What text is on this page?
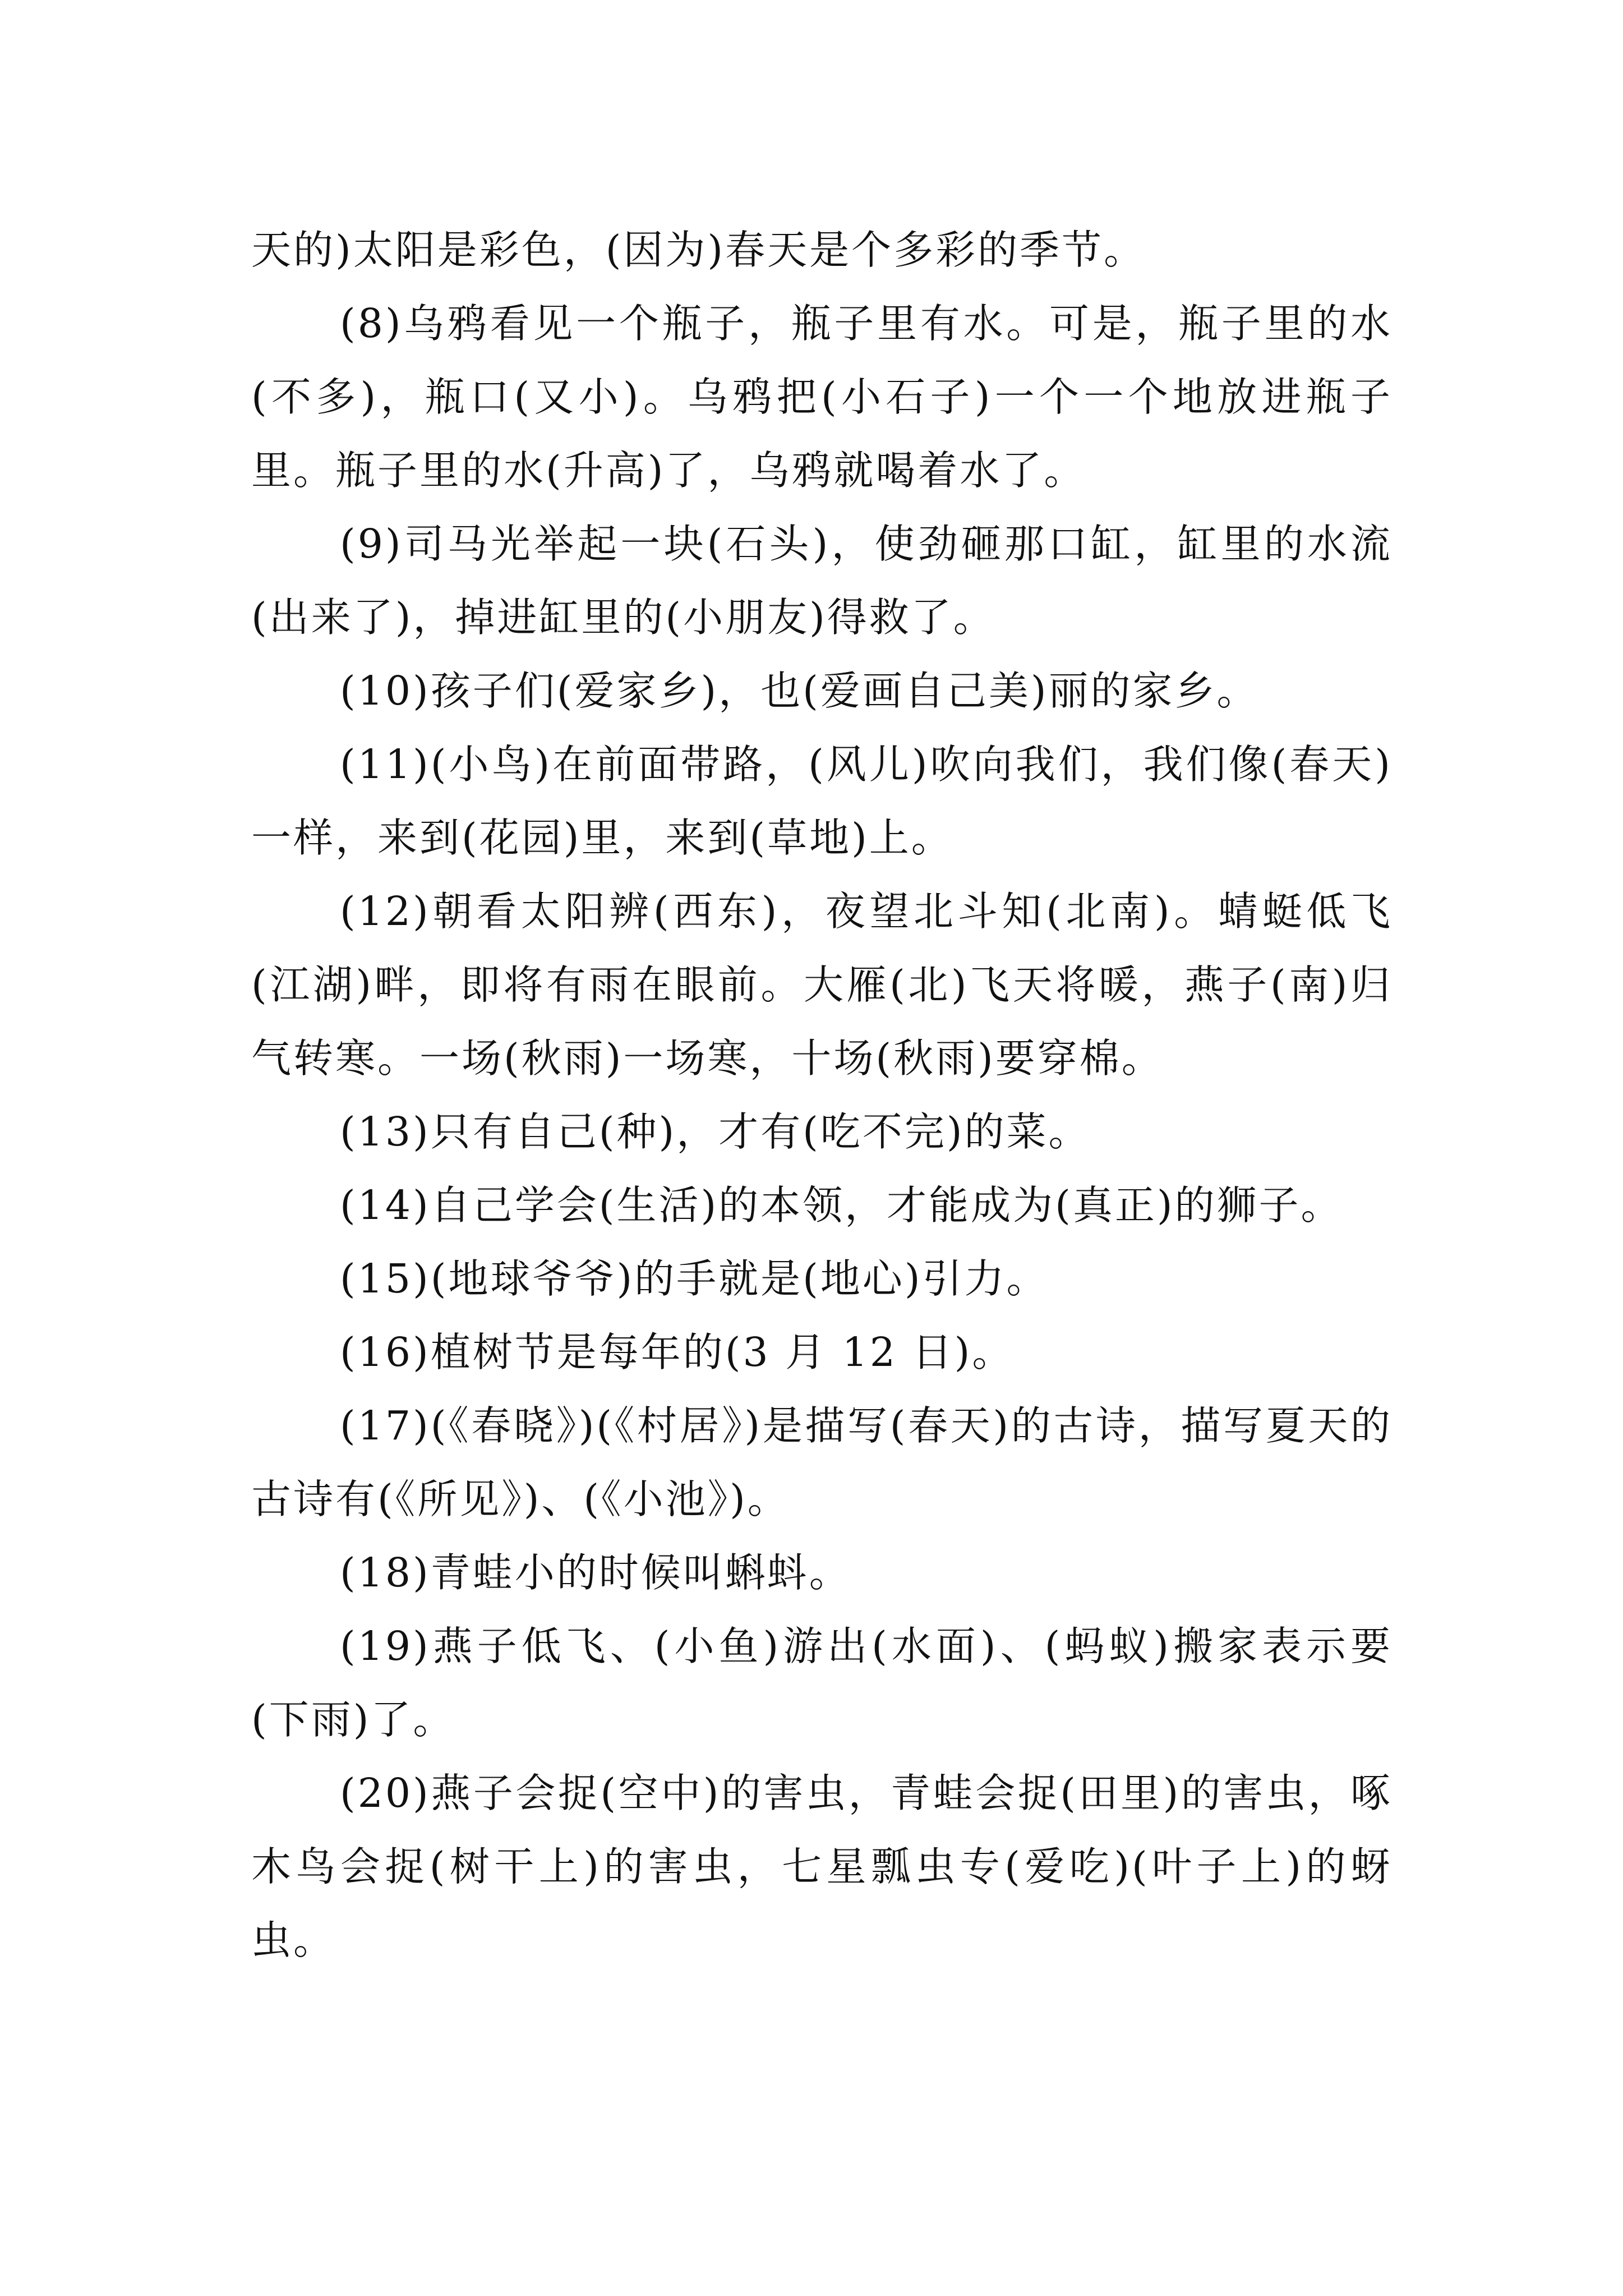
天的)太阳是彩色，(因为)春天是个多彩的季节。

(8)乌鸦看见一个瓶子，瓶子里有水。可是，瓶子里的水(不多)，瓶口(又小)。乌鸦把(小石子)一个一个地放进瓶子里。瓶子里的水(升高)了，乌鸦就喝着水了。

(9)司马光举起一块(石头)，使劲砸那口缸，缸里的水流(出来了)，掉进缸里的(小朋友)得救了。

(10)孩子们(爱家乡)，也(爱画自己美)丽的家乡。

(11)(小鸟)在前面带路，(风儿)吹向我们，我们像(春天)一样，来到(花园)里，来到(草地)上。

(12)朝看太阳辨(西东)，夜望北斗知(北南)。蜻蜓低飞(江湖)畔，即将有雨在眼前。大雁(北)飞天将暖，燕子(南)归气转寒。一场(秋雨)一场寒，十场(秋雨)要穿棉。

(13)只有自己(种)，才有(吃不完)的菜。

(14)自己学会(生活)的本领，才能成为(真正)的狮子。

(15)(地球爷爷)的手就是(地心)引力。

(16)植树节是每年的(3 月 12 日)。

(17)(《春晓》)(《村居》)是描写(春天)的古诗，描写夏天的古诗有(《所见》)、(《小池》)。

(18)青蛙小的时候叫蝌蚪。

(19)燕子低飞、(小鱼)游出(水面)、(蚂蚁)搬家表示要(下雨)了。

(20)燕子会捉(空中)的害虫，青蛙会捉(田里)的害虫，啄木鸟会捉(树干上)的害虫，七星瓢虫专(爱吃)(叶子上)的蚜虫。
